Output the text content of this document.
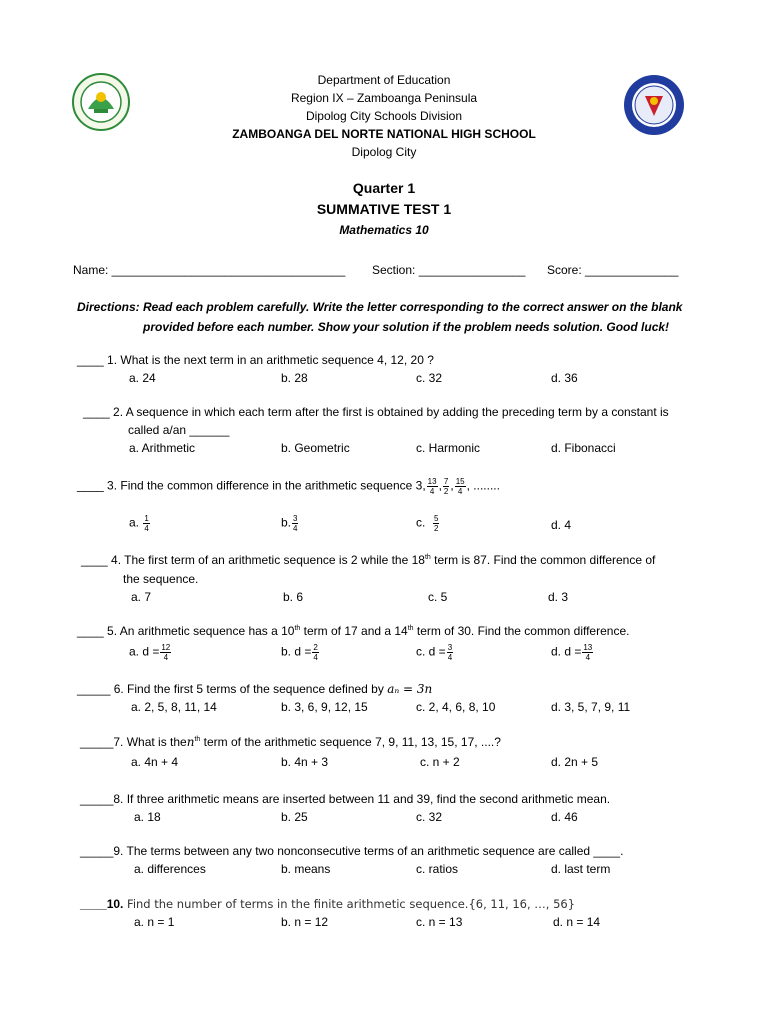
Department of Education
Region IX – Zamboanga Peninsula
Dipolog City Schools Division
ZAMBOANGA DEL NORTE NATIONAL HIGH SCHOOL
Dipolog City
Quarter 1
SUMMATIVE TEST 1
Mathematics 10
Name: ___________________________________ Section: ________________ Score: ______________
Directions: Read each problem carefully. Write the letter corresponding to the correct answer on the blank
provided before each number. Show your solution if the problem needs solution. Good luck!
____ 1. What is the next term in an arithmetic sequence 4, 12, 20 ?
a. 24	b. 28	c. 32	d. 36
____ 2. A sequence in which each term after the first is obtained by adding the preceding term by a constant is
called a/an ______
a. Arithmetic	b. Geometric	c. Harmonic	d. Fibonacci
____ 3. Find the common difference in the arithmetic sequence 3, $\frac{13}{4}$ , $\frac{7}{2}$ , $\frac{15}{4}$ , ........
a. $\frac{1}{4}$	b. $\frac{3}{4}$	c. $\frac{5}{2}$	d. 4
____ 4. The first term of an arithmetic sequence is 2 while the 18th term is 87. Find the common difference of
the sequence.
a. 7	b. 6	c. 5	d. 3
____ 5. An arithmetic sequence has a 10th term of 17 and a 14th term of 30. Find the common difference.
a. $d = \frac{12}{4}$	b. $d = \frac{2}{4}$	c. $d = \frac{3}{4}$	d. $d = \frac{13}{4}$
_____ 6. Find the first 5 terms of the sequence defined by aₙ = 3n
a. 2, 5, 8, 11, 14	b. 3, 6, 9, 12, 15	c. 2, 4, 6, 8, 10	d. 3, 5, 7, 9, 11
_____7. What is then$^{th}$ term of the arithmetic sequence 7, 9, 11, 13, 15, 17, ....?
a. 4n + 4	b. 4n + 3	c. n + 2	d. 2n + 5
_____8. If three arithmetic means are inserted between 11 and 39, find the second arithmetic mean.
a. 18	b. 25	c. 32	d. 46
_____9. The terms between any two nonconsecutive terms of an arithmetic sequence are called ____.
a. differences	b. means	c. ratios	d. last term
____10. Find the number of terms in the finite arithmetic sequence.{6, 11, 16, …, 56}
a. n = 1	b. n = 12	c. n = 13	d. n = 14
